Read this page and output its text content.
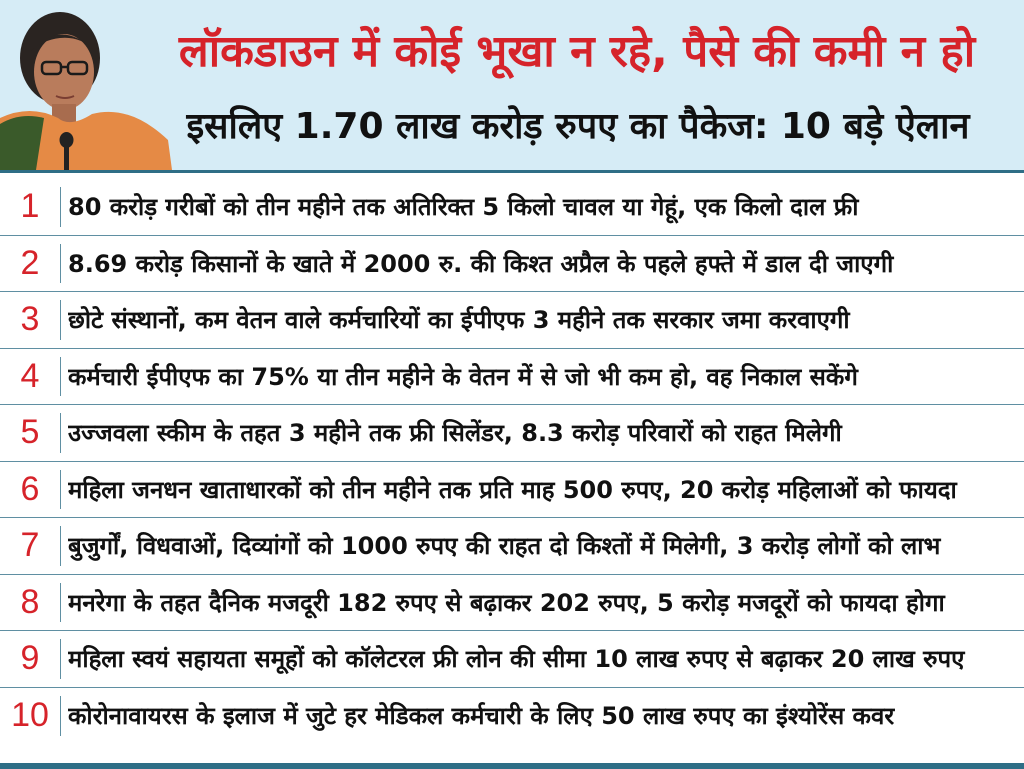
लॉकडाउन में कोई भूखा न रहे, पैसे की कमी न हो
इसलिए 1.70 लाख करोड़ रुपए का पैकेज: 10 बड़े ऐलान
1	80 करोड़ गरीबों को तीन महीने तक अतिरिक्त 5 किलो चावल या गेहूं, एक किलो दाल फ्री
2	8.69 करोड़ किसानों के खाते में 2000 रु. की किश्त अप्रैल के पहले हफ्ते में डाल दी जाएगी
3	छोटे संस्थानों, कम वेतन वाले कर्मचारियों का ईपीएफ 3 महीने तक सरकार जमा करवाएगी
4	कर्मचारी ईपीएफ का 75% या तीन महीने के वेतन में से जो भी कम हो, वह निकाल सकेंगे
5	उज्जवला स्कीम के तहत 3 महीने तक फ्री सिलेंडर, 8.3 करोड़ परिवारों को राहत मिलेगी
6	महिला जनधन खाताधारकों को तीन महीने तक प्रति माह 500 रुपए, 20 करोड़ महिलाओं को फायदा
7	बुजुर्गों, विधवाओं, दिव्यांगों को 1000 रुपए की राहत दो किश्तों में मिलेगी, 3 करोड़ लोगों को लाभ
8	मनरेगा के तहत दैनिक मजदूरी 182 रुपए से बढ़ाकर 202 रुपए, 5 करोड़ मजदूरों को फायदा होगा
9	महिला स्वयं सहायता समूहों को कॉलेटरल फ्री लोन की सीमा 10 लाख रुपए से बढ़ाकर 20 लाख रुपए
10 कोरोनावायरस के इलाज में जुटे हर मेडिकल कर्मचारी के लिए 50 लाख रुपए का इंश्योरेंस कवर
